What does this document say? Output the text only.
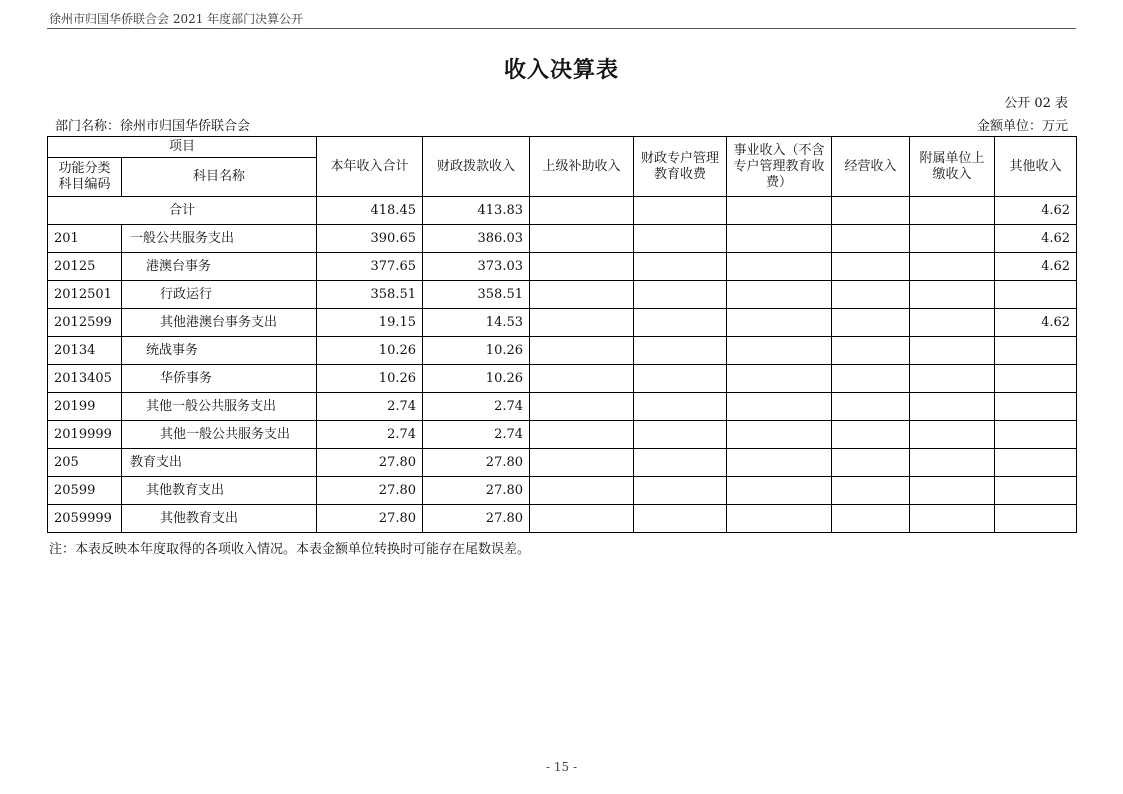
徐州市归国华侨联合会 2021 年度部门决算公开
收入决算表
公开 02 表
部门名称：徐州市归国华侨联合会	金额单位：万元
项目		本年收入合计	财政拨款收入	上级补助收入	财政专户管理教育收费	事业收入（不含专户管理教育收费）	经营收入	附属单位上缴收入	其他收入
功能分类科目编码	科目名称								
合计		418.45	413.83						4.62
201	一般公共服务支出	390.65	386.03						4.62
20125	港澳台事务	377.65	373.03						4.62
2012501	行政运行	358.51	358.51						
2012599	其他港澳台事务支出	19.15	14.53						4.62
20134	统战事务	10.26	10.26						
2013405	华侨事务	10.26	10.26						
20199	其他一般公共服务支出	2.74	2.74						
2019999	其他一般公共服务支出	2.74	2.74						
205	教育支出	27.80	27.80						
20599	其他教育支出	27.80	27.80						
2059999	其他教育支出	27.80	27.80						
注：本表反映本年度取得的各项收入情况。本表金额单位转换时可能存在尾数误差。
- 15 -
